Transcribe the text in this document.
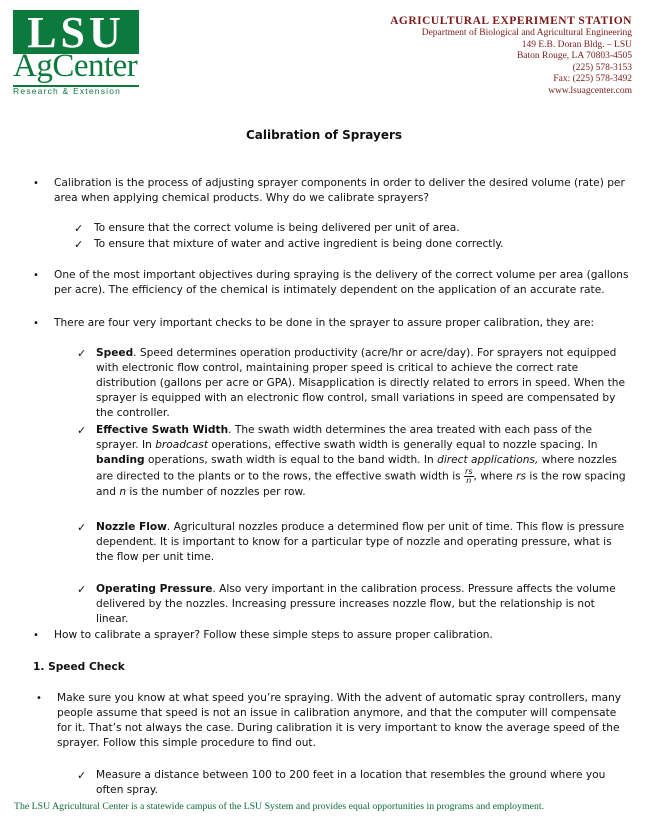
LSU
AgCenter
Research & Extension
AGRICULTURAL EXPERIMENT STATION
Department of Biological and Agricultural Engineering
149 E.B. Doran Bldg. – LSU
Baton Rouge, LA 70803-4505
(225) 578-3153
Fax: (225) 578-3492
www.lsuagcenter.com
Calibration of Sprayers
• Calibration is the process of adjusting sprayer components in order to deliver the desired volume (rate) per area when applying chemical products. Why do we calibrate sprayers?
✓ To ensure that the correct volume is being delivered per unit of area.
✓ To ensure that mixture of water and active ingredient is being done correctly.
• One of the most important objectives during spraying is the delivery of the correct volume per area (gallons per acre). The efficiency of the chemical is intimately dependent on the application of an accurate rate.
• There are four very important checks to be done in the sprayer to assure proper calibration, they are:
✓ Speed. Speed determines operation productivity (acre/hr or acre/day). For sprayers not equipped with electronic flow control, maintaining proper speed is critical to achieve the correct rate distribution (gallons per acre or GPA). Misapplication is directly related to errors in speed. When the sprayer is equipped with an electronic flow control, small variations in speed are compensated by the controller.
✓ Effective Swath Width. The swath width determines the area treated with each pass of the sprayer. In broadcast operations, effective swath width is generally equal to nozzle spacing. In banding operations, swath width is equal to the band width. In direct applications, where nozzles are directed to the plants or to the rows, the effective swath width is $\frac{rs}{n}$ , where rs is the row spacing and n is the number of nozzles per row.
✓ Nozzle Flow. Agricultural nozzles produce a determined flow per unit of time. This flow is pressure dependent. It is important to know for a particular type of nozzle and operating pressure, what is the flow per unit time.
✓ Operating Pressure. Also very important in the calibration process. Pressure affects the volume delivered by the nozzles. Increasing pressure increases nozzle flow, but the relationship is not linear.
• How to calibrate a sprayer? Follow these simple steps to assure proper calibration.
1. Speed Check
• Make sure you know at what speed you’re spraying. With the advent of automatic spray controllers, many people assume that speed is not an issue in calibration anymore, and that the computer will compensate for it. That’s not always the case. During calibration it is very important to know the average speed of the sprayer. Follow this simple procedure to find out.
✓ Measure a distance between 100 to 200 feet in a location that resembles the ground where you often spray.
The LSU Agricultural Center is a statewide campus of the LSU System and provides equal opportunities in programs and employment.
